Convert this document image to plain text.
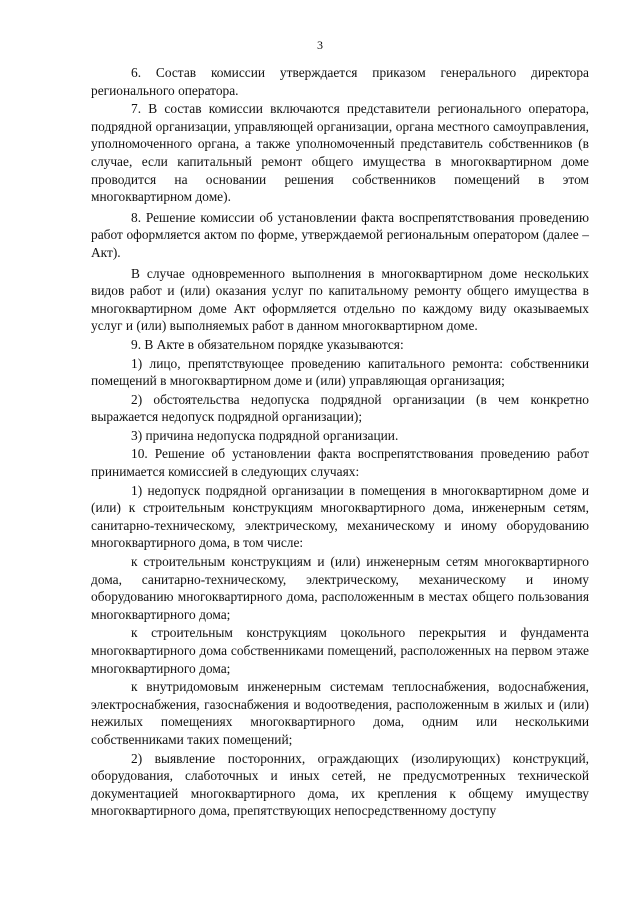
3

6. Состав комиссии утверждается приказом генерального директора регионального оператора.

7. В состав комиссии включаются представители регионального оператора, подрядной организации, управляющей организации, органа местного самоуправления, уполномоченного органа, а также уполномоченный представитель собственников (в случае, если капитальный ремонт общего имущества в многоквартирном доме проводится на основании решения собственников помещений в этом многоквартирном доме).

8. Решение комиссии об установлении факта воспрепятствования проведению работ оформляется актом по форме, утверждаемой региональным оператором (далее – Акт).

В случае одновременного выполнения в многоквартирном доме нескольких видов работ и (или) оказания услуг по капитальному ремонту общего имущества в многоквартирном доме Акт оформляется отдельно по каждому виду оказываемых услуг и (или) выполняемых работ в данном многоквартирном доме.

9. В Акте в обязательном порядке указываются:

1) лицо, препятствующее проведению капитального ремонта: собственники помещений в многоквартирном доме и (или) управляющая организация;

2) обстоятельства недопуска подрядной организации (в чем конкретно выражается недопуск подрядной организации);

3) причина недопуска подрядной организации.

10. Решение об установлении факта воспрепятствования проведению работ принимается комиссией в следующих случаях:

1) недопуск подрядной организации в помещения в многоквартирном доме и (или) к строительным конструкциям многоквартирного дома, инженерным сетям, санитарно-техническому, электрическому, механическому и иному оборудованию многоквартирного дома, в том числе:

к строительным конструкциям и (или) инженерным сетям многоквартирного дома, санитарно-техническому, электрическому, механическому и иному оборудованию многоквартирного дома, расположенным в местах общего пользования многоквартирного дома;

к строительным конструкциям цокольного перекрытия и фундамента многоквартирного дома собственниками помещений, расположенных на первом этаже многоквартирного дома;

к внутридомовым инженерным системам теплоснабжения, водоснабжения, электроснабжения, газоснабжения и водоотведения, расположенным в жилых и (или) нежилых помещениях многоквартирного дома, одним или несколькими собственниками таких помещений;

2) выявление посторонних, ограждающих (изолирующих) конструкций, оборудования, слаботочных и иных сетей, не предусмотренных технической документацией многоквартирного дома, их крепления к общему имуществу многоквартирного дома, препятствующих непосредственному доступу
